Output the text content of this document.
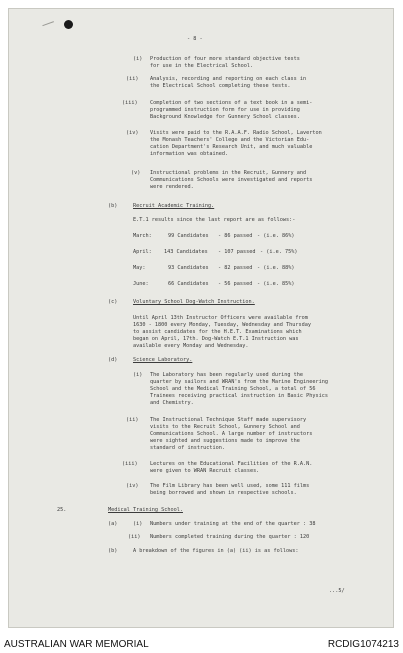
- 8 -
(i) Production of four more standard objective tests
for use in the Electrical School.
(ii) Analysis, recording and reporting on each class in
the Electrical School completing these tests.
(iii) Completion of two sections of a text book in a semi-
programmed instruction form for use in providing
Background Knowledge for Gunnery School classes.
(iv) Visits were paid to the R.A.A.F. Radio School, Laverton
the Monash Teachers' College and the Victorian Edu-
cation Department's Research Unit, and much valuable
information was obtained.
(v) Instructional problems in the Recruit, Gunnery and
Communications Schools were investigated and reports
were rendered.
(b)	Recruit Academic Training.
E.T.1 results since the last report are as follows:-
March:	99 Candidates - 86 passed - (i.e. 86%)
April: 143 Candidates - 107 passed - (i.e. 75%)
May:	93 Candidates - 82 passed - (i.e. 88%)
June:	66 Candidates - 56 passed - (i.e. 85%)
(c)	Voluntary School Dog-Watch Instruction.
Until April 13th Instructor Officers were available from
1630 - 1800 every Monday, Tuesday, Wednesday and Thursday
to assist candidates for the H.E.T. Examinations which
began on April, 17th. Dog-Watch E.T.1 Instruction was
available every Monday and Wednesday.
(d)	Science Laboratory.
(i) The Laboratory has been regularly used during the
quarter by sailors and WRAN's from the Marine Engineering
School and the Medical Training School, a total of 56
Trainees receiving practical instruction in Basic Physics
and Chemistry.
(ii) The Instructional Technique Staff made supervisory
visits to the Recruit School, Gunnery School and
Communications School. A large number of instructors
were sighted and suggestions made to improve the
standard of instruction.
(iii) Lectures on the Educational Facilities of the R.A.N.
were given to WRAN Recruit classes.
(iv) The Film Library has been well used, some 111 films
being borrowed and shown in respective schools.
25.	Medical Training School.
(a)	(i) Numbers under training at the end of the quarter : 38
(ii) Numbers completed training during the quarter : 120
(b)	A breakdown of the figures in (a) (ii) is as follows:
...5/
AUSTRALIAN WAR MEMORIAL	RCDIG1074213
